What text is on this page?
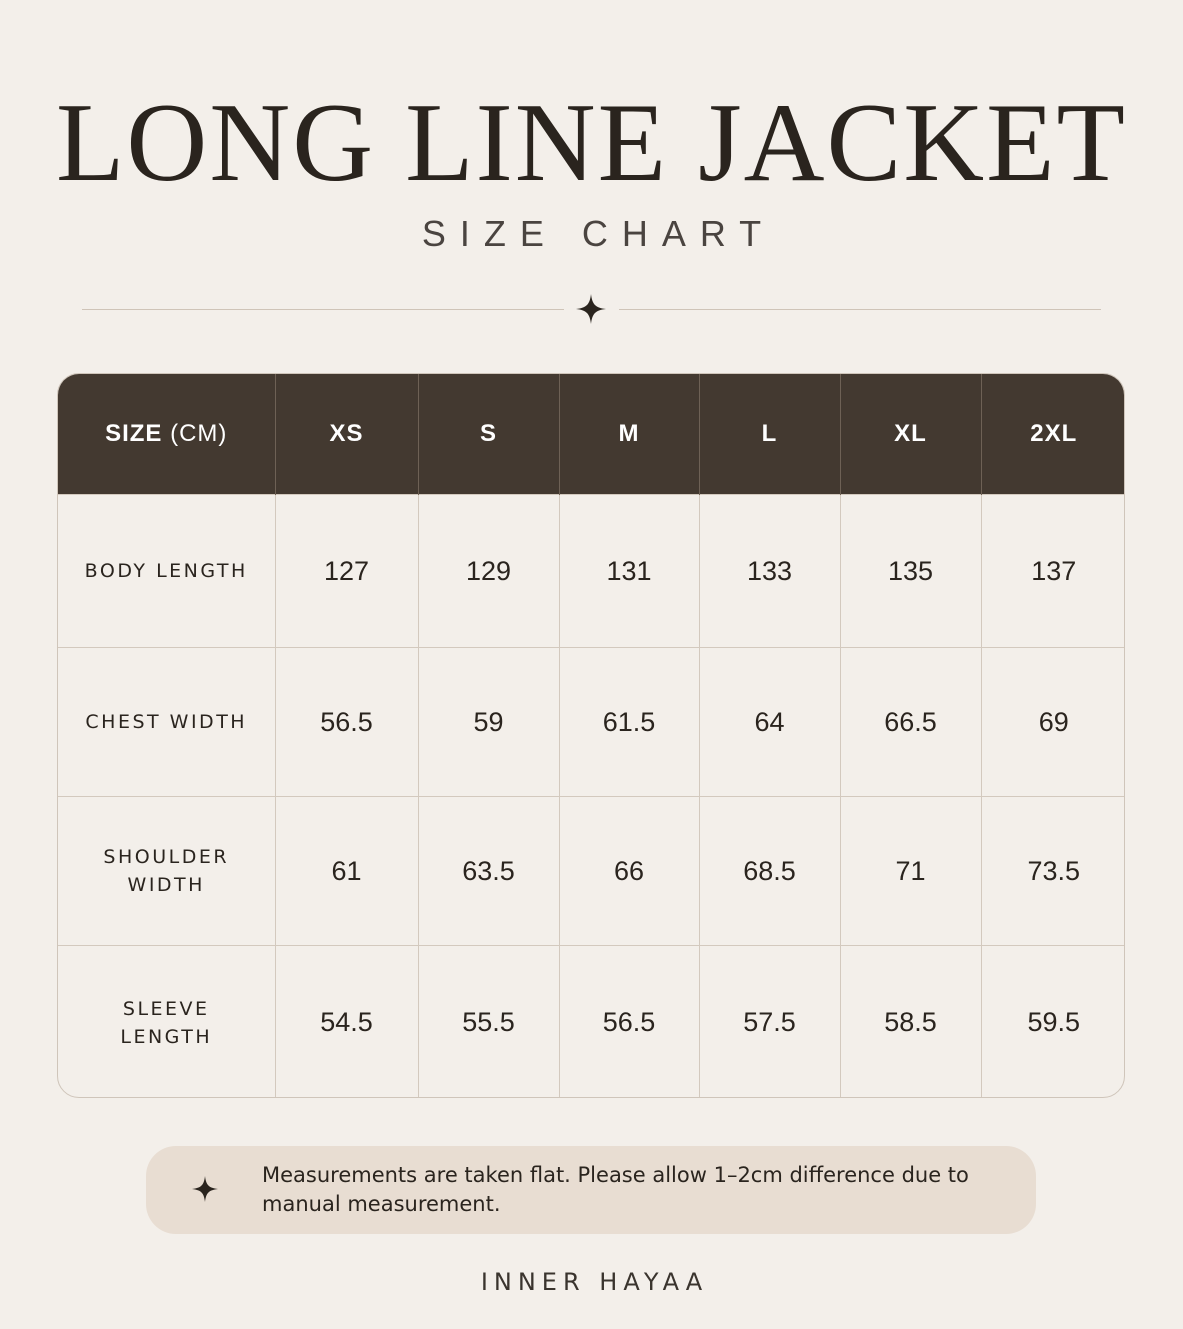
LONG LINE JACKET
SIZE CHART
SIZE (CM)	XS	S	M	L	XL	2XL
BODY LENGTH	127	129	131	133	135	137
CHEST WIDTH	56.5	59	61.5	64	66.5	69
SHOULDER WIDTH	61	63.5	66	68.5	71	73.5
SLEEVE LENGTH	54.5	55.5	56.5	57.5	58.5	59.5
Measurements are taken flat. Please allow 1–2cm difference due to manual measurement.
INNER HAYAA
